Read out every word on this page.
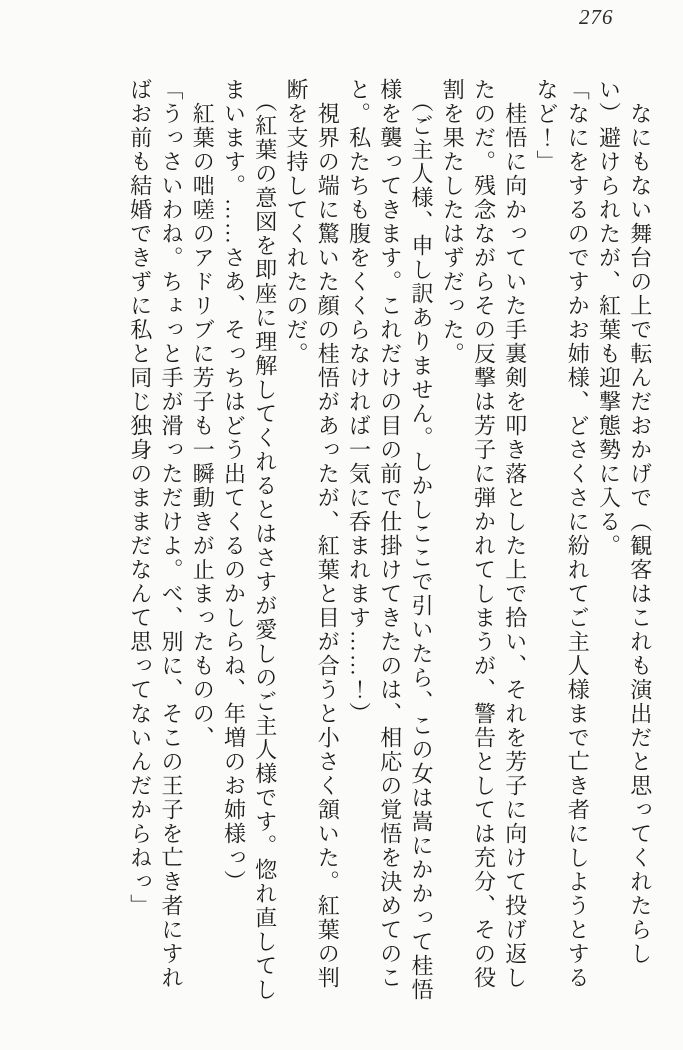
276

なにもない舞台の上で転んだおかげで（観客はこれも演出だと思ってくれたらし

い）避けられたが、紅葉も迎撃態勢に入る。

「なにをするのですかお姉様、どさくさに紛れてご主人様まで亡き者にしようとする

など！」

桂悟に向かっていた手裏剣を叩き落とした上で拾い、それを芳子に向けて投げ返し

たのだ。残念ながらその反撃は芳子に弾かれてしまうが、警告としては充分、その役

割を果たしたはずだった。

（ご主人様、申し訳ありません。しかしここで引いたら、この女は嵩にかかって桂悟

様を襲ってきます。これだけの目の前で仕掛けてきたのは、相応の覚悟を決めてのこ

と。私たちも腹をくくらなければ一気に呑まれます……！）

視界の端に驚いた顔の桂悟があったが、紅葉と目が合うと小さく頷いた。紅葉の判

断を支持してくれたのだ。

（紅葉の意図を即座に理解してくれるとはさすが愛しのご主人様です。惚れ直してし

まいます。……さあ、そっちはどう出てくるのかしらね、年増のお姉様っ）

紅葉の咄嗟のアドリブに芳子も一瞬動きが止まったものの、

「うっさいわね。ちょっと手が滑っただけよ。べ、別に、そこの王子を亡き者にすれ

ばお前も結婚できずに私と同じ独身のままだなんて思ってないんだからねっ」
